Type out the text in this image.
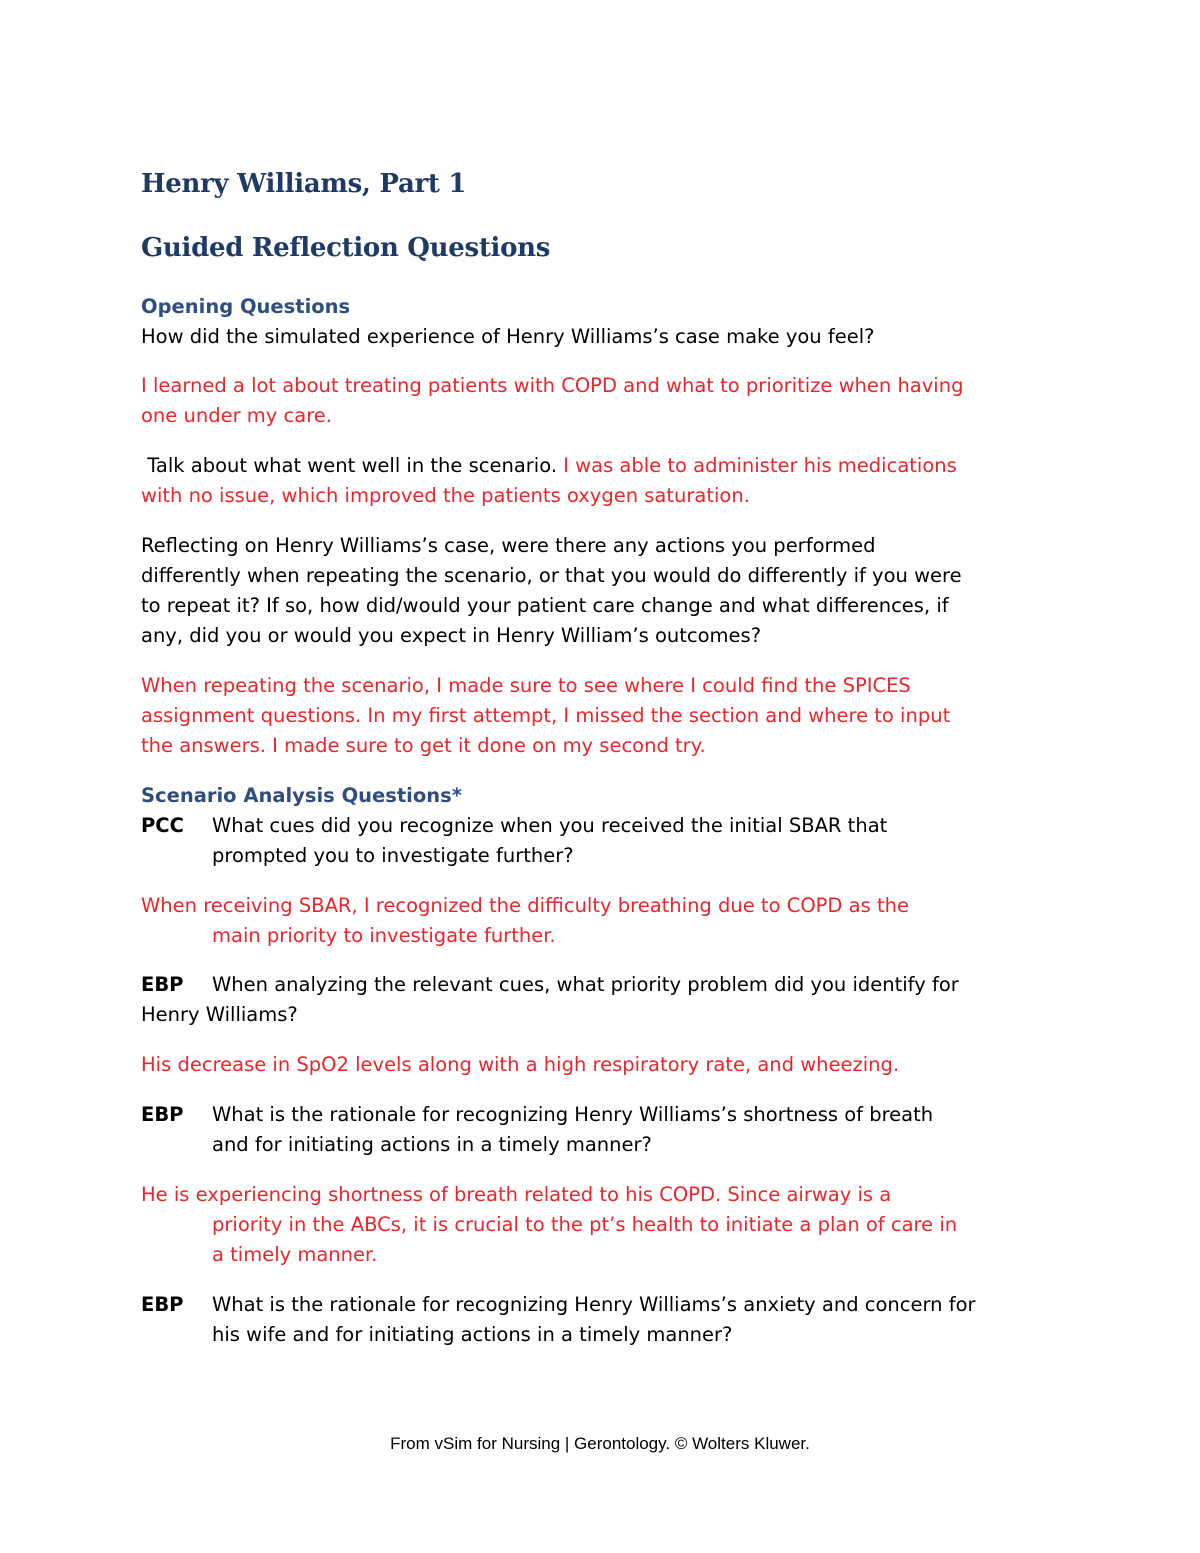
Henry Williams, Part 1
Guided Reflection Questions
Opening Questions
How did the simulated experience of Henry Williams’s case make you feel?
I learned a lot about treating patients with COPD and what to prioritize when having
one under my care.
Talk about what went well in the scenario. I was able to administer his medications
with no issue, which improved the patients oxygen saturation.
Reflecting on Henry Williams’s case, were there any actions you performed
differently when repeating the scenario, or that you would do differently if you were
to repeat it? If so, how did/would your patient care change and what differences, if
any, did you or would you expect in Henry William’s outcomes?
When repeating the scenario, I made sure to see where I could find the SPICES
assignment questions. In my first attempt, I missed the section and where to input
the answers. I made sure to get it done on my second try.
Scenario Analysis Questions*
PCC What cues did you recognize when you received the initial SBAR that
prompted you to investigate further?
When receiving SBAR, I recognized the difficulty breathing due to COPD as the
main priority to investigate further.
EBP When analyzing the relevant cues, what priority problem did you identify for
Henry Williams?
His decrease in SpO2 levels along with a high respiratory rate, and wheezing.
EBP What is the rationale for recognizing Henry Williams’s shortness of breath
and for initiating actions in a timely manner?
He is experiencing shortness of breath related to his COPD. Since airway is a
priority in the ABCs, it is crucial to the pt’s health to initiate a plan of care in
a timely manner.
EBP What is the rationale for recognizing Henry Williams’s anxiety and concern for
his wife and for initiating actions in a timely manner?
From vSim for Nursing | Gerontology. © Wolters Kluwer.
